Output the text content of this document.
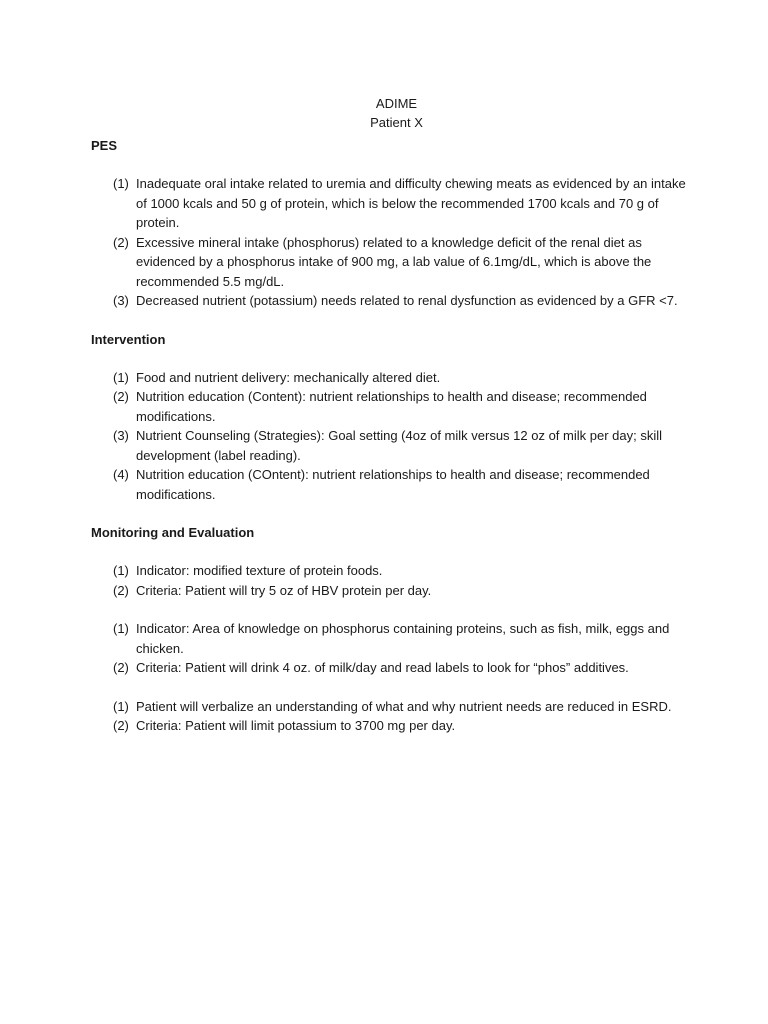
ADIME
Patient X
PES
(1) Inadequate oral intake related to uremia and difficulty chewing meats as evidenced by an intake of 1000 kcals and 50 g of protein, which is below the recommended 1700 kcals and 70 g of protein.
(2) Excessive mineral intake (phosphorus) related to a knowledge deficit of the renal diet as evidenced by a phosphorus intake of 900 mg, a lab value of 6.1mg/dL, which is above the recommended 5.5 mg/dL.
(3) Decreased nutrient (potassium) needs related to renal dysfunction as evidenced by a GFR <7.
Intervention
(1) Food and nutrient delivery: mechanically altered diet.
(2) Nutrition education (Content): nutrient relationships to health and disease; recommended modifications.
(3) Nutrient Counseling (Strategies): Goal setting (4oz of milk versus 12 oz of milk per day; skill development (label reading).
(4) Nutrition education (COntent): nutrient relationships to health and disease; recommended modifications.
Monitoring and Evaluation
(1) Indicator: modified texture of protein foods.
(2) Criteria: Patient will try 5 oz of HBV protein per day.
(1) Indicator: Area of knowledge on phosphorus containing proteins, such as fish, milk, eggs and chicken.
(2) Criteria: Patient will drink 4 oz. of milk/day and read labels to look for “phos” additives.
(1) Patient will verbalize an understanding of what and why nutrient needs are reduced in ESRD.
(2) Criteria: Patient will limit potassium to 3700 mg per day.
